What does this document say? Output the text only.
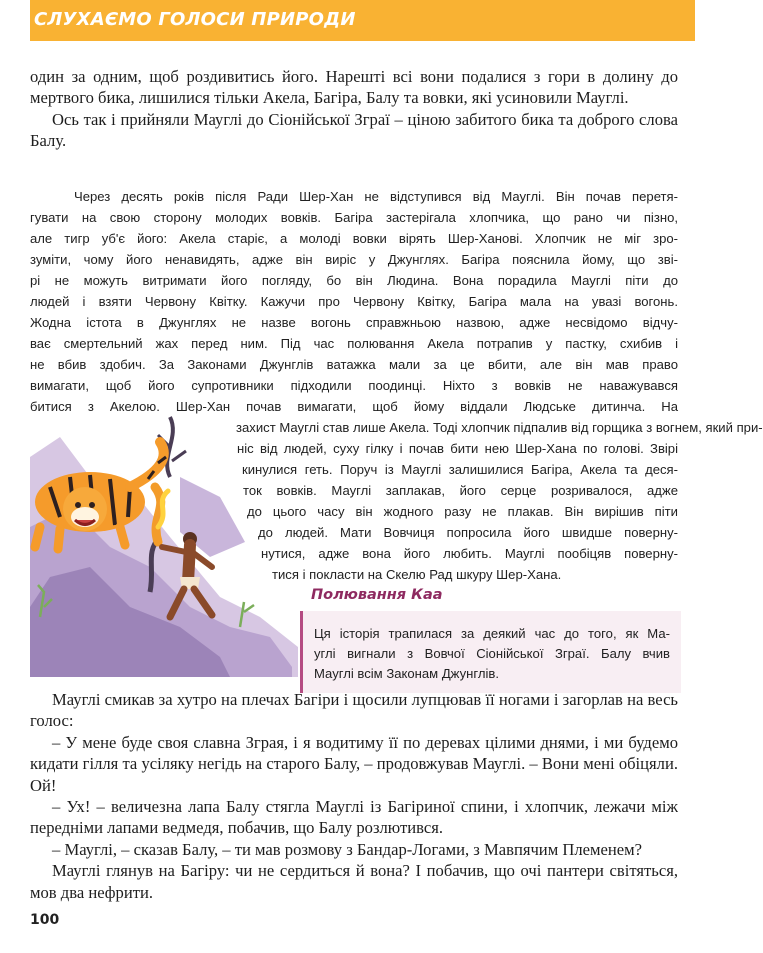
СЛУХАЄМО ГОЛОСИ ПРИРОДИ

один за одним, щоб роздивитись його. Нарешті всі вони подалися з гори в долину до мертвого бика, лишилися тільки Акела, Багіра, Балу та вовки, які усиновили Мауглі.

Ось так і прийняли Мауглі до Сіонійської Зграї – ціною забитого бика та доброго слова Балу.

Через десять років після Ради Шер-Хан не відступився від Мауглі. Він почав перетя-
гувати на свою сторону молодих вовків. Багіра застерігала хлопчика, що рано чи пізно,
але тигр уб'є його: Акела старіє, а молоді вовки вірять Шер-Ханові. Хлопчик не міг зро-
зуміти, чому його ненавидять, адже він виріс у Джунглях. Багіра пояснила йому, що зві-
рі не можуть витримати його погляду, бо він Людина. Вона порадила Мауглі піти до
людей і взяти Червону Квітку. Кажучи про Червону Квітку, Багіра мала на увазі вогонь.
Жодна істота в Джунглях не назве вогонь справжньою назвою, адже несвідомо відчу-
ває смертельний жах перед ним. Під час полювання Акела потрапив у пастку, схибив і
не вбив здобич. За Законами Джунглів ватажка мали за це вбити, але він мав право
вимагати, щоб його супротивники підходили поодинці. Ніхто з вовків не наважувався
битися з Акелою. Шер-Хан почав вимагати, щоб йому віддали Людське дитинча. На
захист Мауглі став лише Акела. Тоді хлопчик підпалив від горщика з вогнем, який при-
ніс від людей, суху гілку і почав бити нею Шер-Хана по голові. Звірі
кинулися геть. Поруч із Мауглі залишилися Багіра, Акела та деся-
ток вовків. Мауглі заплакав, його серце розривалося, адже
до цього часу він жодного разу не плакав. Він вирішив піти
до людей. Мати Вовчиця попросила його швидше поверну-
нутися, адже вона його любить. Мауглі пообіцяв поверну-
тися і покласти на Скелю Рад шкуру Шер-Хана.
Полювання Каа
Ця історія трапилася за деякий час до того, як Ма-
углі вигнали з Вовчої Сіонійської Зграї. Балу вчив
Мауглі всім Законам Джунглів.

Мауглі смикав за хутро на плечах Багіри і щосили лупцював її ногами і загорлав на весь голос:

– У мене буде своя славна Зграя, і я водитиму її по деревах цілими днями, і ми будемо кидати гілля та усіляку негідь на старого Балу, – продовжував Мауглі. – Вони мені обіцяли. Ой!

– Ух! – величезна лапа Балу стягла Мауглі із Багіриної спини, і хлопчик, лежачи між передніми лапами ведмедя, побачив, що Балу розлютився.

– Мауглі, – сказав Балу, – ти мав розмову з Бандар-Логами, з Мавпячим Племенем?

Мауглі глянув на Багіру: чи не сердиться й вона? І побачив, що очі пантери світяться, мов два нефрити.

100
